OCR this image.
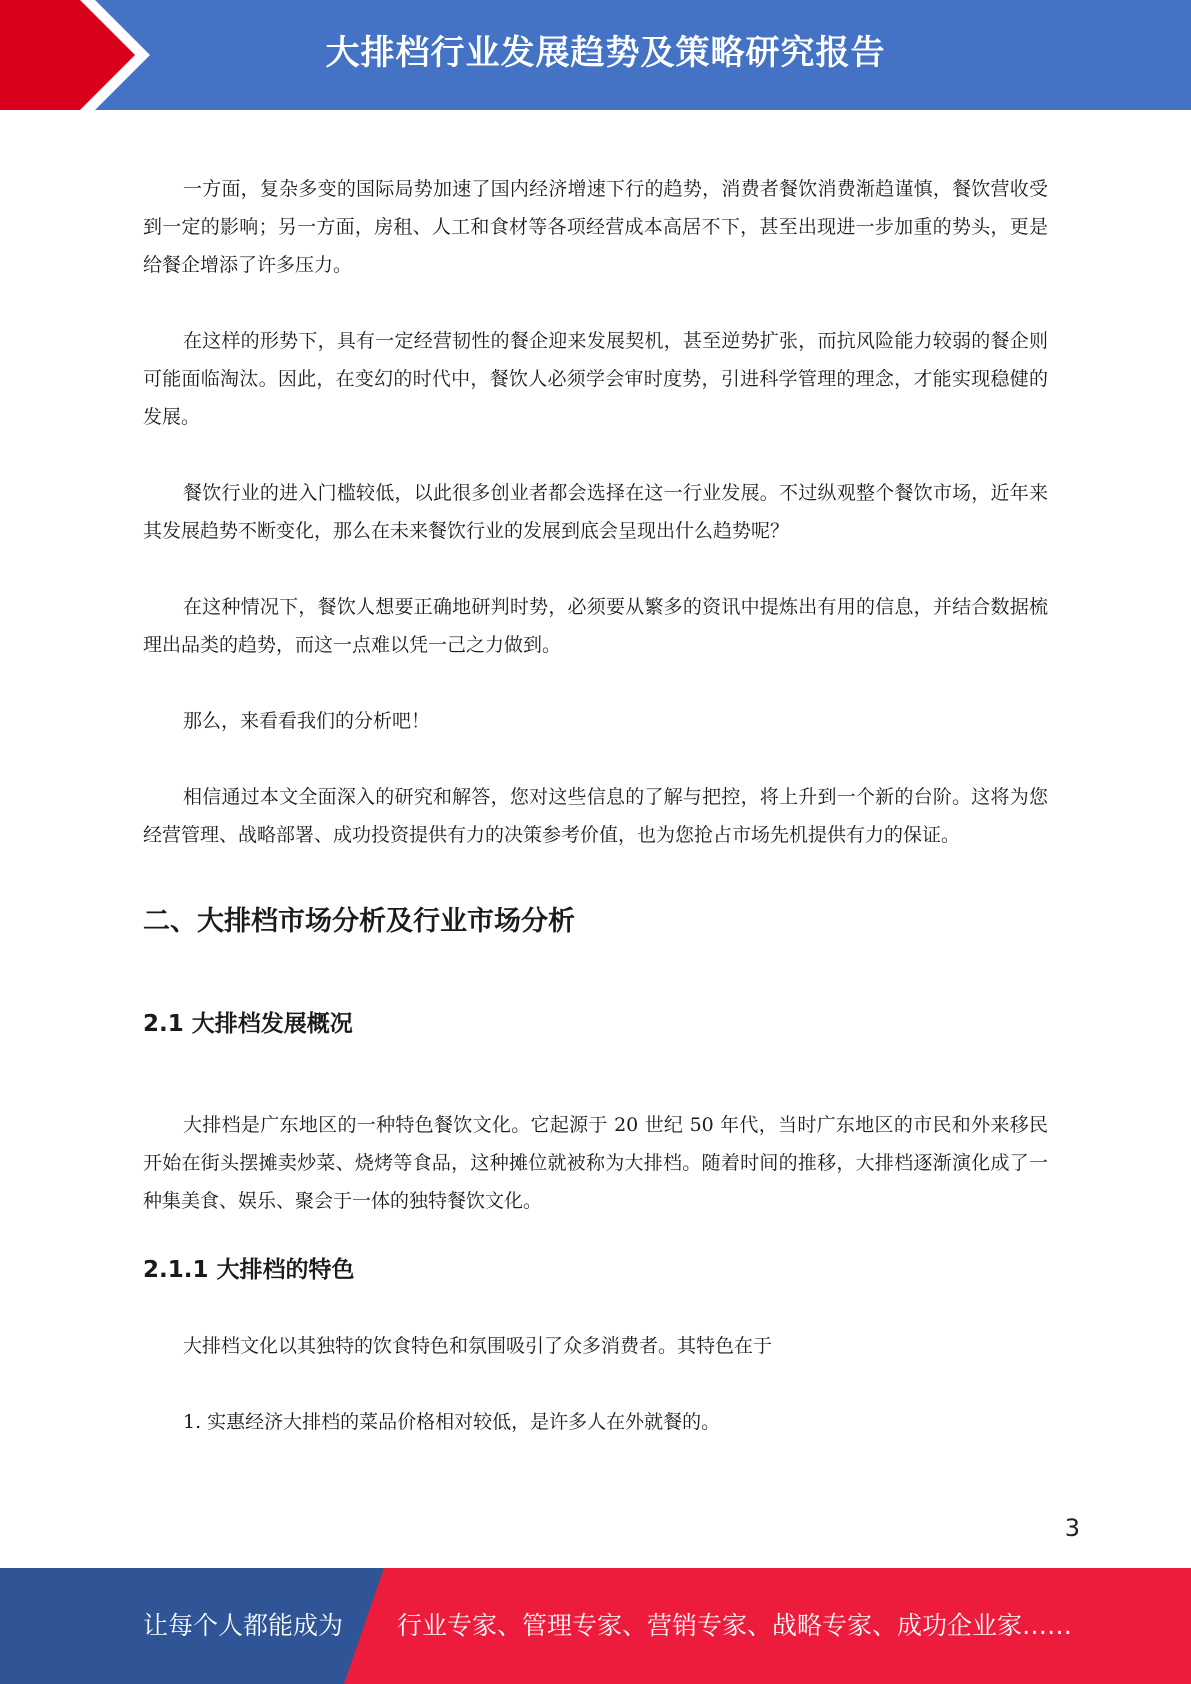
大排档行业发展趋势及策略研究报告

一方面，复杂多变的国际局势加速了国内经济增速下行的趋势，消费者餐饮消费渐趋谨慎，餐饮营收受到一定的影响；另一方面，房租、人工和食材等各项经营成本高居不下，甚至出现进一步加重的势头，更是给餐企增添了许多压力。

在这样的形势下，具有一定经营韧性的餐企迎来发展契机，甚至逆势扩张，而抗风险能力较弱的餐企则可能面临淘汰。因此，在变幻的时代中，餐饮人必须学会审时度势，引进科学管理的理念，才能实现稳健的发展。

餐饮行业的进入门槛较低，以此很多创业者都会选择在这一行业发展。不过纵观整个餐饮市场，近年来其发展趋势不断变化，那么在未来餐饮行业的发展到底会呈现出什么趋势呢？

在这种情况下，餐饮人想要正确地研判时势，必须要从繁多的资讯中提炼出有用的信息，并结合数据梳理出品类的趋势，而这一点难以凭一己之力做到。

那么，来看看我们的分析吧！

相信通过本文全面深入的研究和解答，您对这些信息的了解与把控，将上升到一个新的台阶。这将为您经营管理、战略部署、成功投资提供有力的决策参考价值，也为您抢占市场先机提供有力的保证。

二、大排档市场分析及行业市场分析
2.1 大排档发展概况

大排档是广东地区的一种特色餐饮文化。它起源于 20 世纪 50 年代，当时广东地区的市民和外来移民开始在街头摆摊卖炒菜、烧烤等食品，这种摊位就被称为大排档。随着时间的推移，大排档逐渐演化成了一种集美食、娱乐、聚会于一体的独特餐饮文化。

2.1.1 大排档的特色

大排档文化以其独特的饮食特色和氛围吸引了众多消费者。其特色在于

1. 实惠经济大排档的菜品价格相对较低，是许多人在外就餐的。

3
让每个人都能成为 行业专家、管理专家、营销专家、战略专家、成功企业家……
